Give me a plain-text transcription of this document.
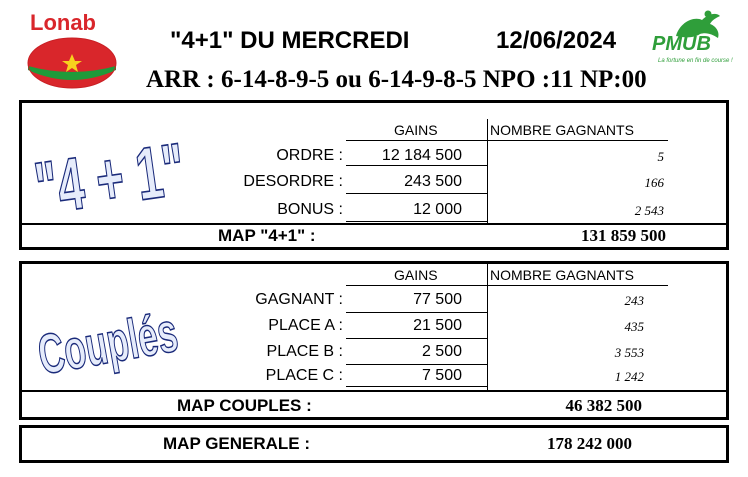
Lonab
PMUB
La fortune en fin de course !
"4+1" DU MERCREDI	12/06/2024
ARR : 6-14-8-9-5 ou 6-14-9-8-5 NPO :11 NP:00
"4 + 1"	GAINS	NOMBRE GAGNANTS
ORDRE :	12 184 500	5
DESORDRE :	243 500	166
BONUS :	12 000	2 543
MAP "4+1" :	131 859 500
Couplés
GAINS	NOMBRE GAGNANTS
GAGNANT :	77 500	243
PLACE A :	21 500	435
PLACE B :	2 500	3 553
PLACE C :	7 500	1 242
MAP COUPLES :	46 382 500
MAP GENERALE :	178 242 000
